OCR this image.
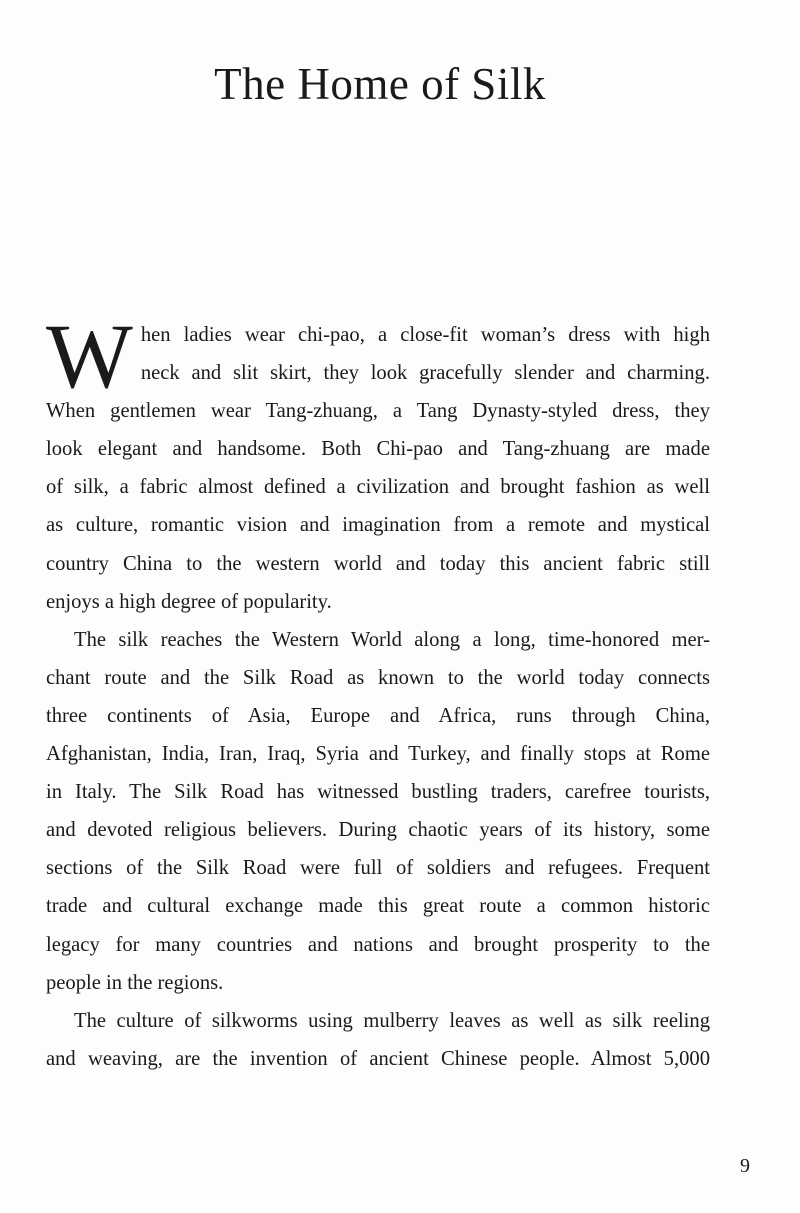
The Home of Silk
W hen ladies wear chi-pao, a close-fit woman’s dress with high
neck and slit skirt, they look gracefully slender and charming.
When gentlemen wear Tang-zhuang, a Tang Dynasty-styled dress, they
look elegant and handsome. Both Chi-pao and Tang-zhuang are made
of silk, a fabric almost defined a civilization and brought fashion as well
as culture, romantic vision and imagination from a remote and mystical
country China to the western world and today this ancient fabric still
enjoys a high degree of popularity.
The silk reaches the Western World along a long, time-honored mer-
chant route and the Silk Road as known to the world today connects
three continents of Asia, Europe and Africa, runs through China,
Afghanistan, India, Iran, Iraq, Syria and Turkey, and finally stops at Rome
in Italy. The Silk Road has witnessed bustling traders, carefree tourists,
and devoted religious believers. During chaotic years of its history, some
sections of the Silk Road were full of soldiers and refugees. Frequent
trade and cultural exchange made this great route a common historic
legacy for many countries and nations and brought prosperity to the
people in the regions.
The culture of silkworms using mulberry leaves as well as silk reeling
and weaving, are the invention of ancient Chinese people. Almost 5,000
9
